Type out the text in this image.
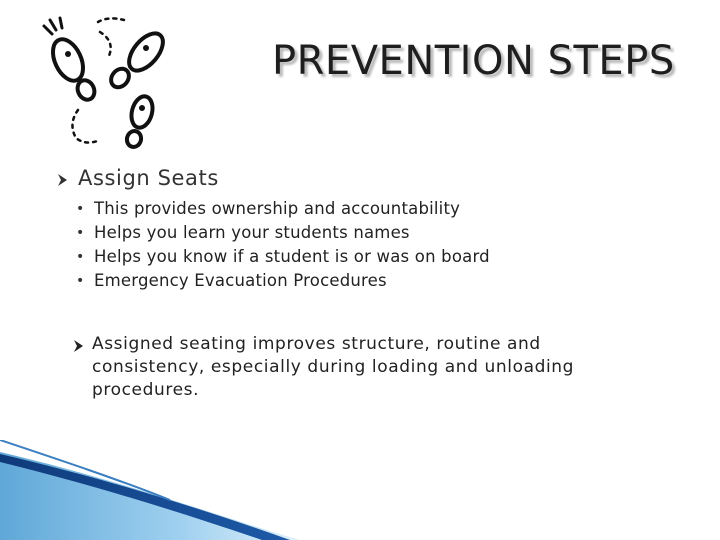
PREVENTION STEPS
Assign Seats
• This provides ownership and accountability
• Helps you learn your students names
• Helps you know if a student is or was on board
• Emergency Evacuation Procedures
Assigned seating improves structure, routine and consistency, especially during loading and unloading procedures.
